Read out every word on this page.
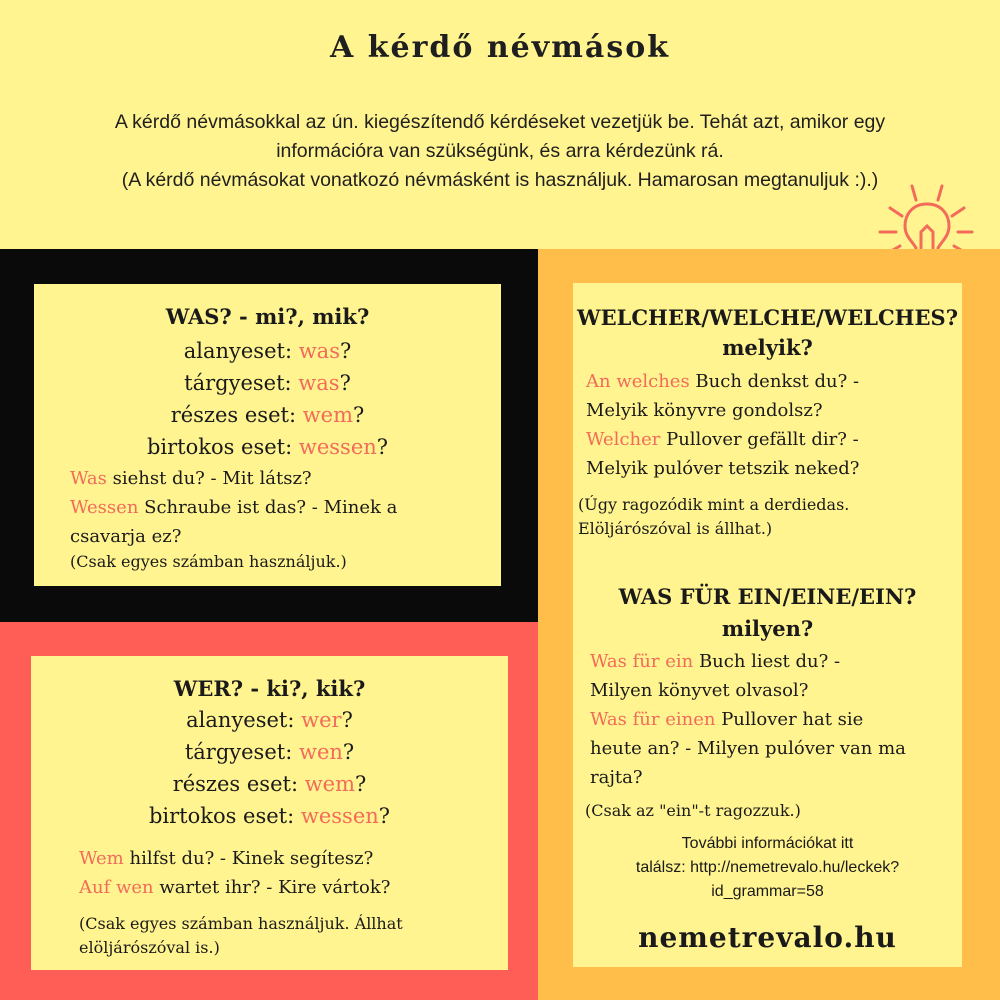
A kérdő névmások
A kérdő névmásokkal az ún. kiegészítendő kérdéseket vezetjük be. Tehát azt, amikor egy
információra van szükségünk, és arra kérdezünk rá.
(A kérdő névmásokat vonatkozó névmásként is használjuk. Hamarosan megtanuljuk :).)
WAS? - mi?, mik?
alanyeset: was?
tárgyeset: was?
részes eset: wem?
birtokos eset: wessen?
Was siehst du? - Mit látsz?
Wessen Schraube ist das? - Minek a
csavarja ez?
(Csak egyes számban használjuk.)
WER? - ki?, kik?
alanyeset: wer?
tárgyeset: wen?
részes eset: wem?
birtokos eset: wessen?
Wem hilfst du? - Kinek segítesz?
Auf wen wartet ihr? - Kire vártok?
(Csak egyes számban használjuk. Állhat
elöljárószóval is.)
WELCHER/WELCHE/WELCHES?
melyik?
An welches Buch denkst du? -
Melyik könyvre gondolsz?
Welcher Pullover gefällt dir? -
Melyik pulóver tetszik neked?
(Úgy ragozódik mint a derdiedas.
Elöljárószóval is állhat.)
WAS FÜR EIN/EINE/EIN?
milyen?
Was für ein Buch liest du? -
Milyen könyvet olvasol?
Was für einen Pullover hat sie
heute an? - Milyen pulóver van ma
rajta?
(Csak az "ein"-t ragozzuk.)
További információkat itt
találsz: http://nemetrevalo.hu/leckek?
id_grammar=58
nemetrevalo.hu
